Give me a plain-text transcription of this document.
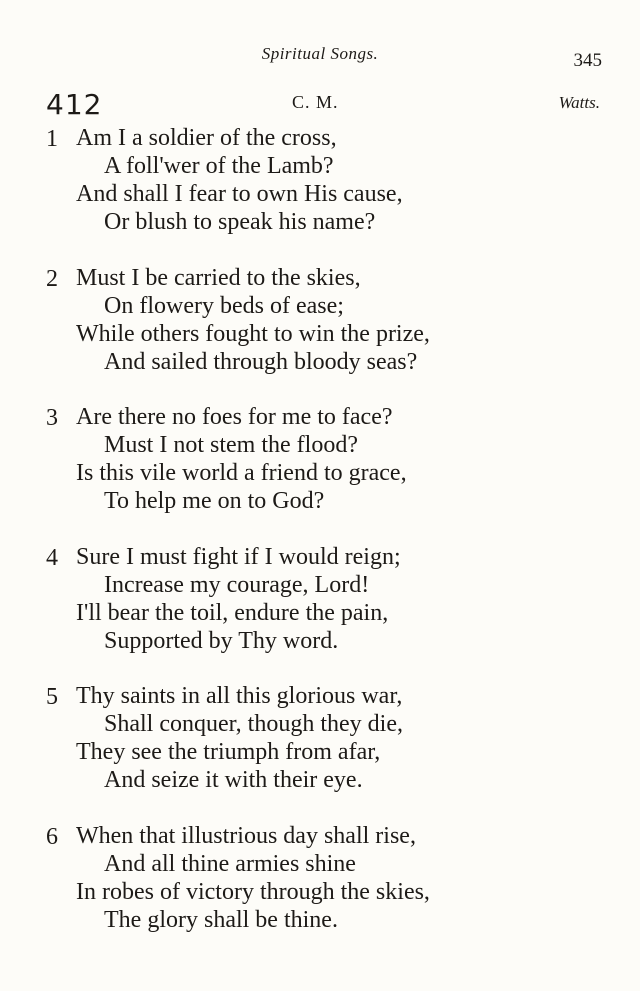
Spiritual Songs.	345
412	C. M.	Watts.
1 Am I a soldier of the cross,
A foll'wer of the Lamb?
And shall I fear to own His cause,
Or blush to speak his name?
2 Must I be carried to the skies,
On flowery beds of ease;
While others fought to win the prize,
And sailed through bloody seas?
3 Are there no foes for me to face?
Must I not stem the flood?
Is this vile world a friend to grace,
To help me on to God?
4 Sure I must fight if I would reign;
Increase my courage, Lord!
I'll bear the toil, endure the pain,
Supported by Thy word.
5 Thy saints in all this glorious war,
Shall conquer, though they die,
They see the triumph from afar,
And seize it with their eye.
6 When that illustrious day shall rise,
And all thine armies shine
In robes of victory through the skies,
The glory shall be thine.
